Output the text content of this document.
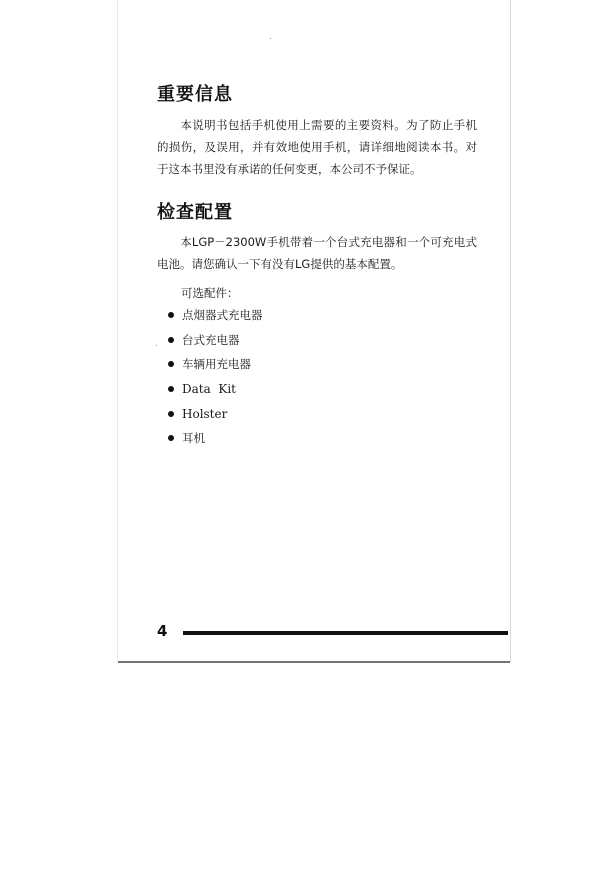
重要信息
本说明书包括手机使用上需要的主要资料。为了防止手机的损伤，及误用，并有效地使用手机，请详细地阅读本书。对于这本书里没有承诺的任何变更，本公司不予保证。
检查配置
本LGP－2300W手机带着一个台式充电器和一个可充电式电池。请您确认一下有没有LG提供的基本配置。
可选配件：
点烟器式充电器
台式充电器
车辆用充电器
Data  Kit
Holster
耳机
4
